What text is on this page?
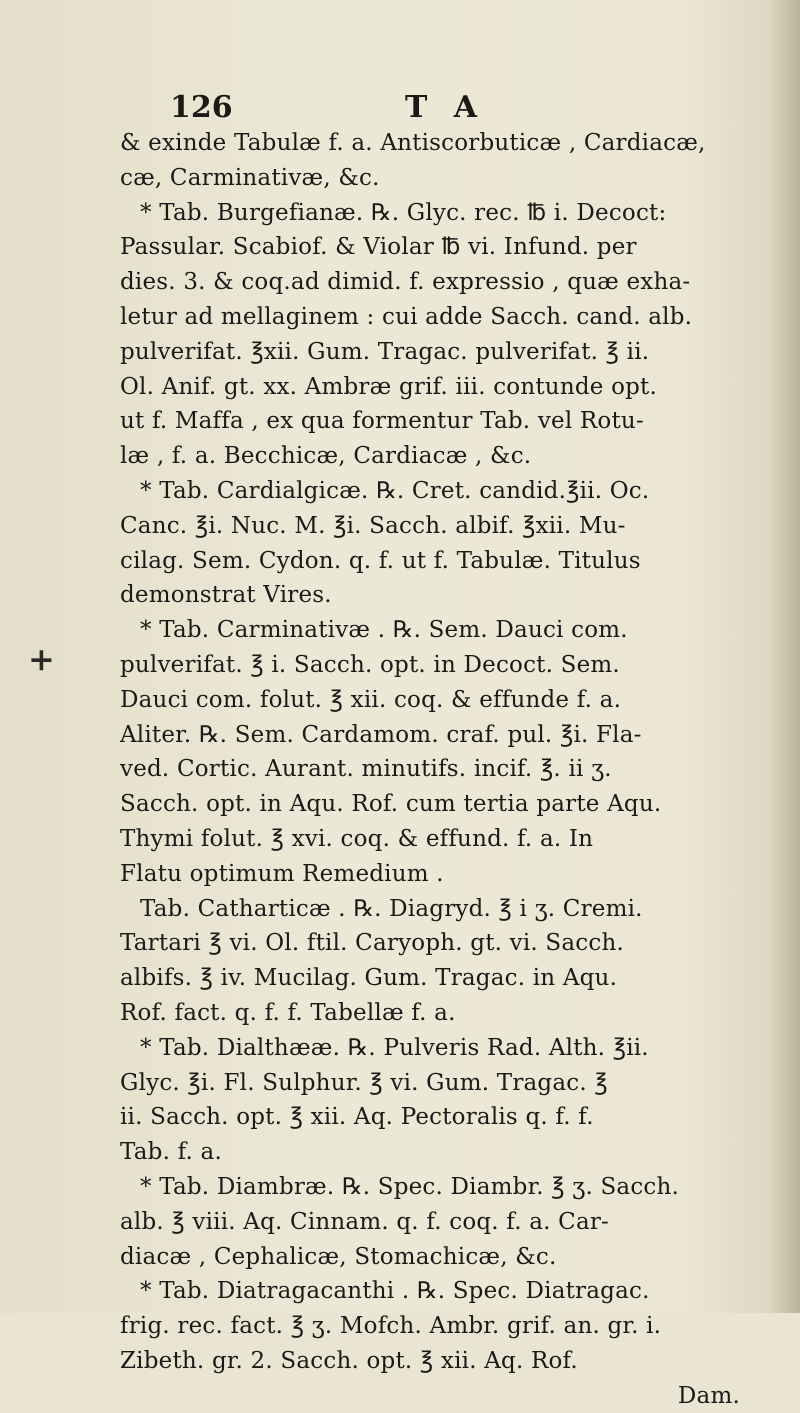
126	T A
+
& exinde Tabulæ f. a. Antiscorbuticæ , Cardiacæ,
cæ, Carminativæ, &c.
* Tab. Burgefianæ. ℞. Glyc. rec. ℔ i. Decoct:
Passular. Scabiof. & Violar ℔ vi. Infund. per
dies. 3. & coq.ad dimid. f. expressio , quæ exha-
letur ad mellaginem : cui adde Sacch. cand. alb.
pulverifat. ℥xii. Gum. Tragac. pulverifat. ℥ ii.
Ol. Anif. gt. xx. Ambræ grif. iii. contunde opt.
ut f. Maffa , ex qua formentur Tab. vel Rotu-
læ , f. a. Becchicæ, Cardiacæ , &c.
* Tab. Cardialgicæ. ℞. Cret. candid.℥ii. Oc.
Canc. ℥i. Nuc. M. ℥i. Sacch. albif. ℥xii. Mu-
cilag. Sem. Cydon. q. f. ut f. Tabulæ. Titulus
demonstrat Vires.
* Tab. Carminativæ . ℞. Sem. Dauci com.
pulverifat. ℥ i. Sacch. opt. in Decoct. Sem.
Dauci com. folut. ℥ xii. coq. & effunde f. a.
Aliter. ℞. Sem. Cardamom. craf. pul. ℥i. Fla-
ved. Cortic. Aurant. minutifs. incif. ℥. ii ʒ.
Sacch. opt. in Aqu. Rof. cum tertia parte Aqu.
Thymi folut. ℥ xvi. coq. & effund. f. a. In
Flatu optimum Remedium .
Tab. Catharticæ . ℞. Diagryd. ℥ i ʒ. Cremi.
Tartari ℥ vi. Ol. ftil. Caryoph. gt. vi. Sacch.
albifs. ℥ iv. Mucilag. Gum. Tragac. in Aqu.
Rof. fact. q. f. f. Tabellæ f. a.
* Tab. Dialthææ. ℞. Pulveris Rad. Alth. ℥ii.
Glyc. ℥i. Fl. Sulphur. ℥ vi. Gum. Tragac. ℥
ii. Sacch. opt. ℥ xii. Aq. Pectoralis q. f. f.
Tab. f. a.
* Tab. Diambræ. ℞. Spec. Diambr. ℥ ʒ. Sacch.
alb. ℥ viii. Aq. Cinnam. q. f. coq. f. a. Car-
diacæ , Cephalicæ, Stomachicæ, &c.
* Tab. Diatragacanthi . ℞. Spec. Diatragac.
frig. rec. fact. ℥ ʒ. Mofch. Ambr. grif. an. gr. i.
Zibeth. gr. 2. Sacch. opt. ℥ xii. Aq. Rof.
Dam.
